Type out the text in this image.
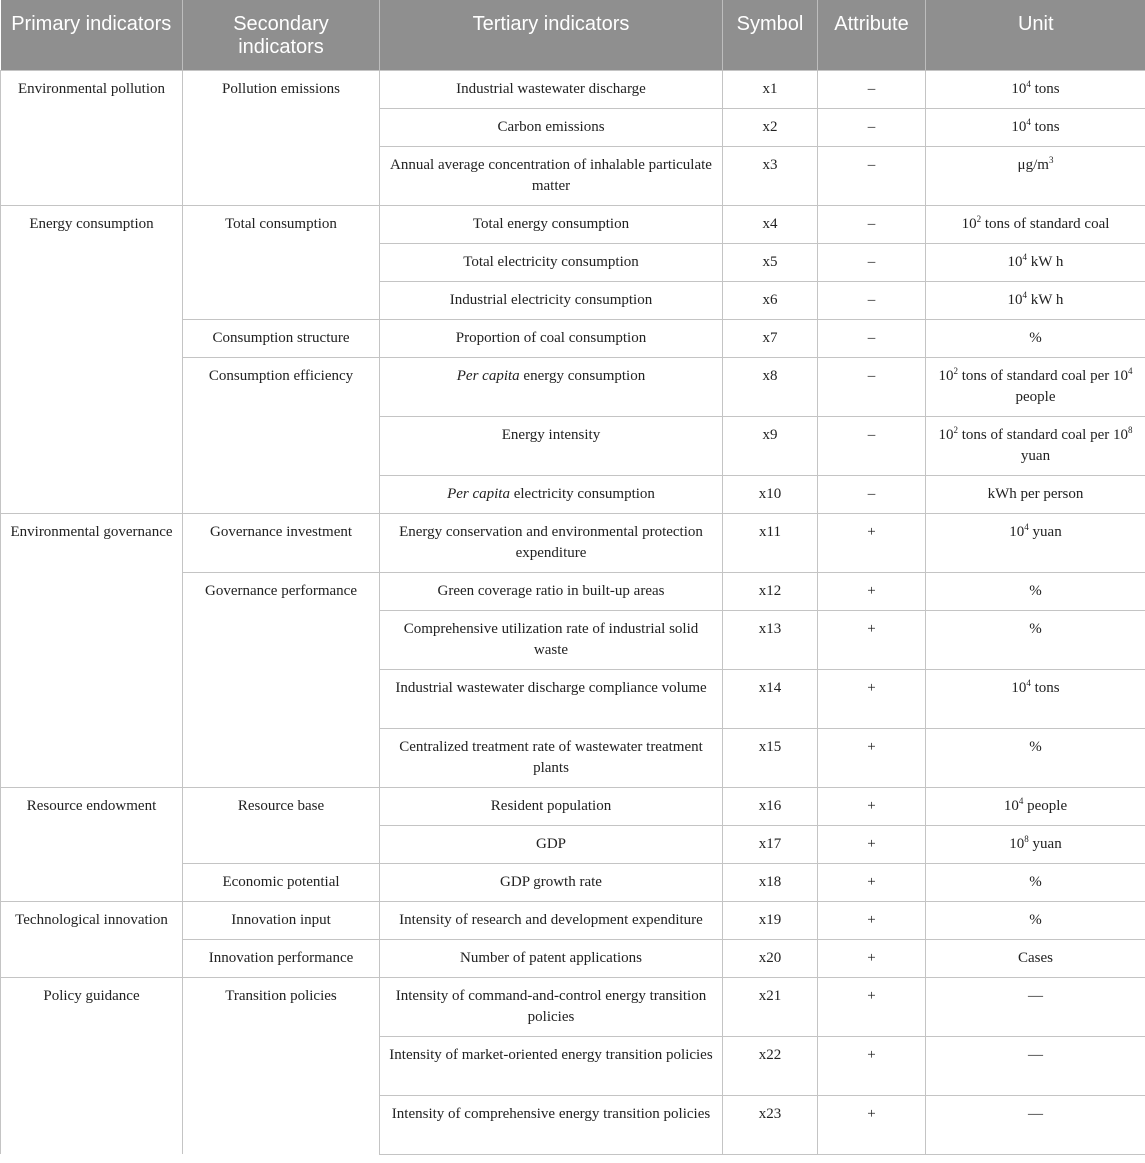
Primary indicators	Secondary indicators	Tertiary indicators	Symbol	Attribute	Unit
Environmental pollution	Pollution emissions	Industrial wastewater discharge	x1	–	$10^4$ tons
		Carbon emissions	x2	–	$10^4$ tons
		Annual average concentration of inhalable particulate matter	x3	–	$\mu g/m^3$
Energy consumption	Total consumption	Total energy consumption	x4	–	$10^2$ tons of standard coal
		Total electricity consumption	x5	–	$10^4$ kW h
		Industrial electricity consumption	x6	–	$10^4$ kW h
	Consumption structure	Proportion of coal consumption	x7	–	%
	Consumption efficiency	Per capita energy consumption	x8	–	$10^2$ tons of standard coal per $10^4$ people
		Energy intensity	x9	–	$10^2$ tons of standard coal per $10^8$ yuan
		Per capita electricity consumption	x10	–	kWh per person
Environmental governance	Governance investment	Energy conservation and environmental protection expenditure	x11	+	$10^4$ yuan
	Governance performance	Green coverage ratio in built-up areas	x12	+	%
		Comprehensive utilization rate of industrial solid waste	x13	+	%
		Industrial wastewater discharge compliance volume	x14	+	$10^4$ tons
		Centralized treatment rate of wastewater treatment plants	x15	+	%
Resource endowment	Resource base	Resident population	x16	+	$10^4$ people
		GDP	x17	+	$10^8$ yuan
	Economic potential	GDP growth rate	x18	+	%
Technological innovation	Innovation input	Intensity of research and development expenditure	x19	+	%
	Innovation performance	Number of patent applications	x20	+	Cases
Policy guidance	Transition policies	Intensity of command-and-control energy transition policies	x21	+	—
		Intensity of market-oriented energy transition policies	x22	+	—
		Intensity of comprehensive energy transition policies	x23	+	—
